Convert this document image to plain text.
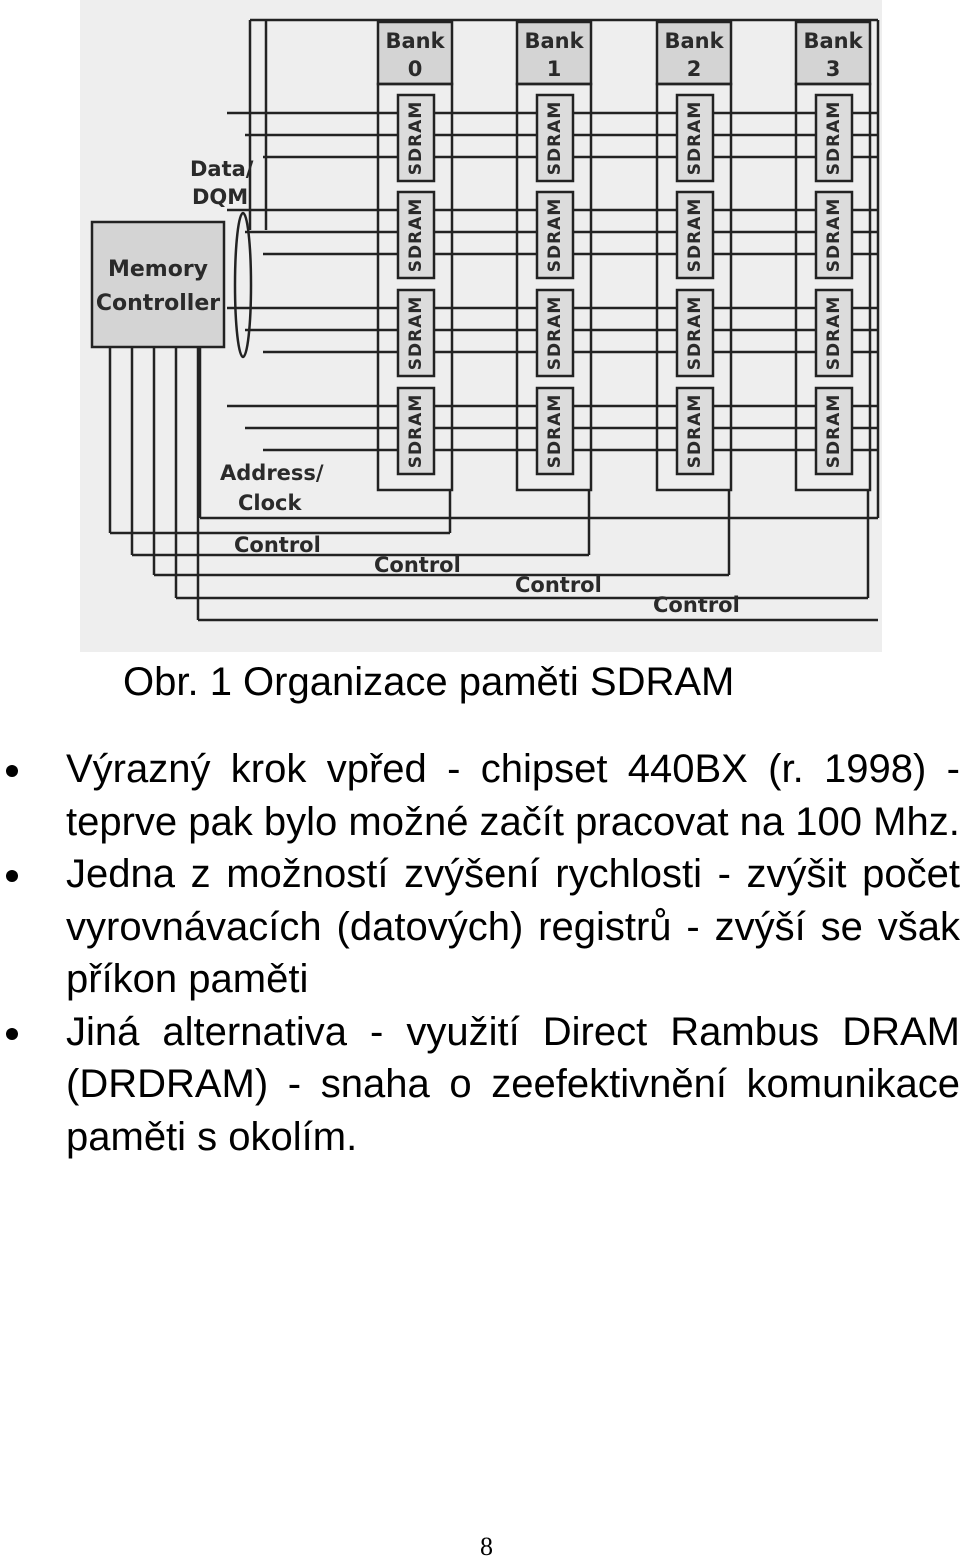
Bank
0
SDRAM
SDRAM
SDRAM
SDRAM
Bank
1
SDRAM
SDRAM
SDRAM
SDRAM
Bank
2
SDRAM
SDRAM
SDRAM
SDRAM
Bank
3
SDRAM
SDRAM
SDRAM
SDRAM
Memory
Controller
Data/
DQM
Address/
Clock
Control
Control
Control
Control
Obr. 1 Organizace paměti SDRAM
Výrazný krok vpřed - chipset 440BX (r. 1998) - teprve pak bylo možné začít pracovat na 100 Mhz.
Jedna z možností zvýšení rychlosti - zvýšit počet vyrovnávacích (datových) registrů - zvýší se však příkon paměti
Jiná alternativa - využití Direct Rambus DRAM (DRDRAM) - snaha o zeefektivnění komunikace paměti s okolím.
8
